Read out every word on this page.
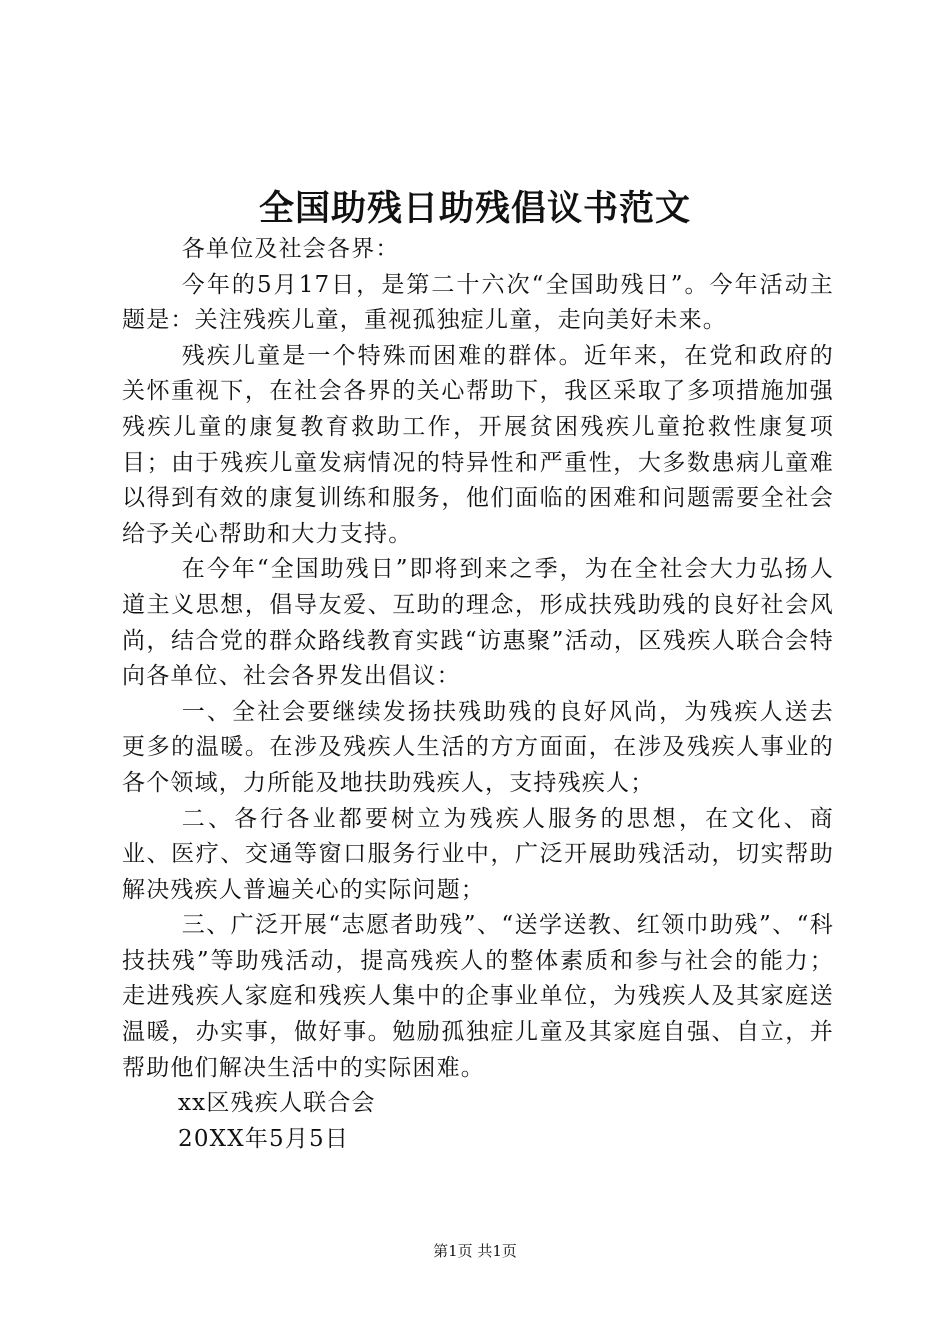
全国助残日助残倡议书范文

各单位及社会各界：

今年的5月17日，是第二十六次“全国助残日”。今年活动主题是：关注残疾儿童，重视孤独症儿童，走向美好未来。

残疾儿童是一个特殊而困难的群体。近年来，在党和政府的关怀重视下，在社会各界的关心帮助下，我区采取了多项措施加强残疾儿童的康复教育救助工作，开展贫困残疾儿童抢救性康复项目；由于残疾儿童发病情况的特异性和严重性，大多数患病儿童难以得到有效的康复训练和服务，他们面临的困难和问题需要全社会给予关心帮助和大力支持。

在今年“全国助残日”即将到来之季，为在全社会大力弘扬人道主义思想，倡导友爱、互助的理念，形成扶残助残的良好社会风尚，结合党的群众路线教育实践“访惠聚”活动，区残疾人联合会特向各单位、社会各界发出倡议：

一、全社会要继续发扬扶残助残的良好风尚，为残疾人送去更多的温暖。在涉及残疾人生活的方方面面，在涉及残疾人事业的各个领域，力所能及地扶助残疾人，支持残疾人；

二、各行各业都要树立为残疾人服务的思想，在文化、商业、医疗、交通等窗口服务行业中，广泛开展助残活动，切实帮助解决残疾人普遍关心的实际问题；

三、广泛开展“志愿者助残”、“送学送教、红领巾助残”、“科技扶残”等助残活动，提高残疾人的整体素质和参与社会的能力；走进残疾人家庭和残疾人集中的企事业单位，为残疾人及其家庭送温暖，办实事，做好事。勉励孤独症儿童及其家庭自强、自立，并帮助他们解决生活中的实际困难。

xx区残疾人联合会

20XX年5月5日

第1页 共1页
